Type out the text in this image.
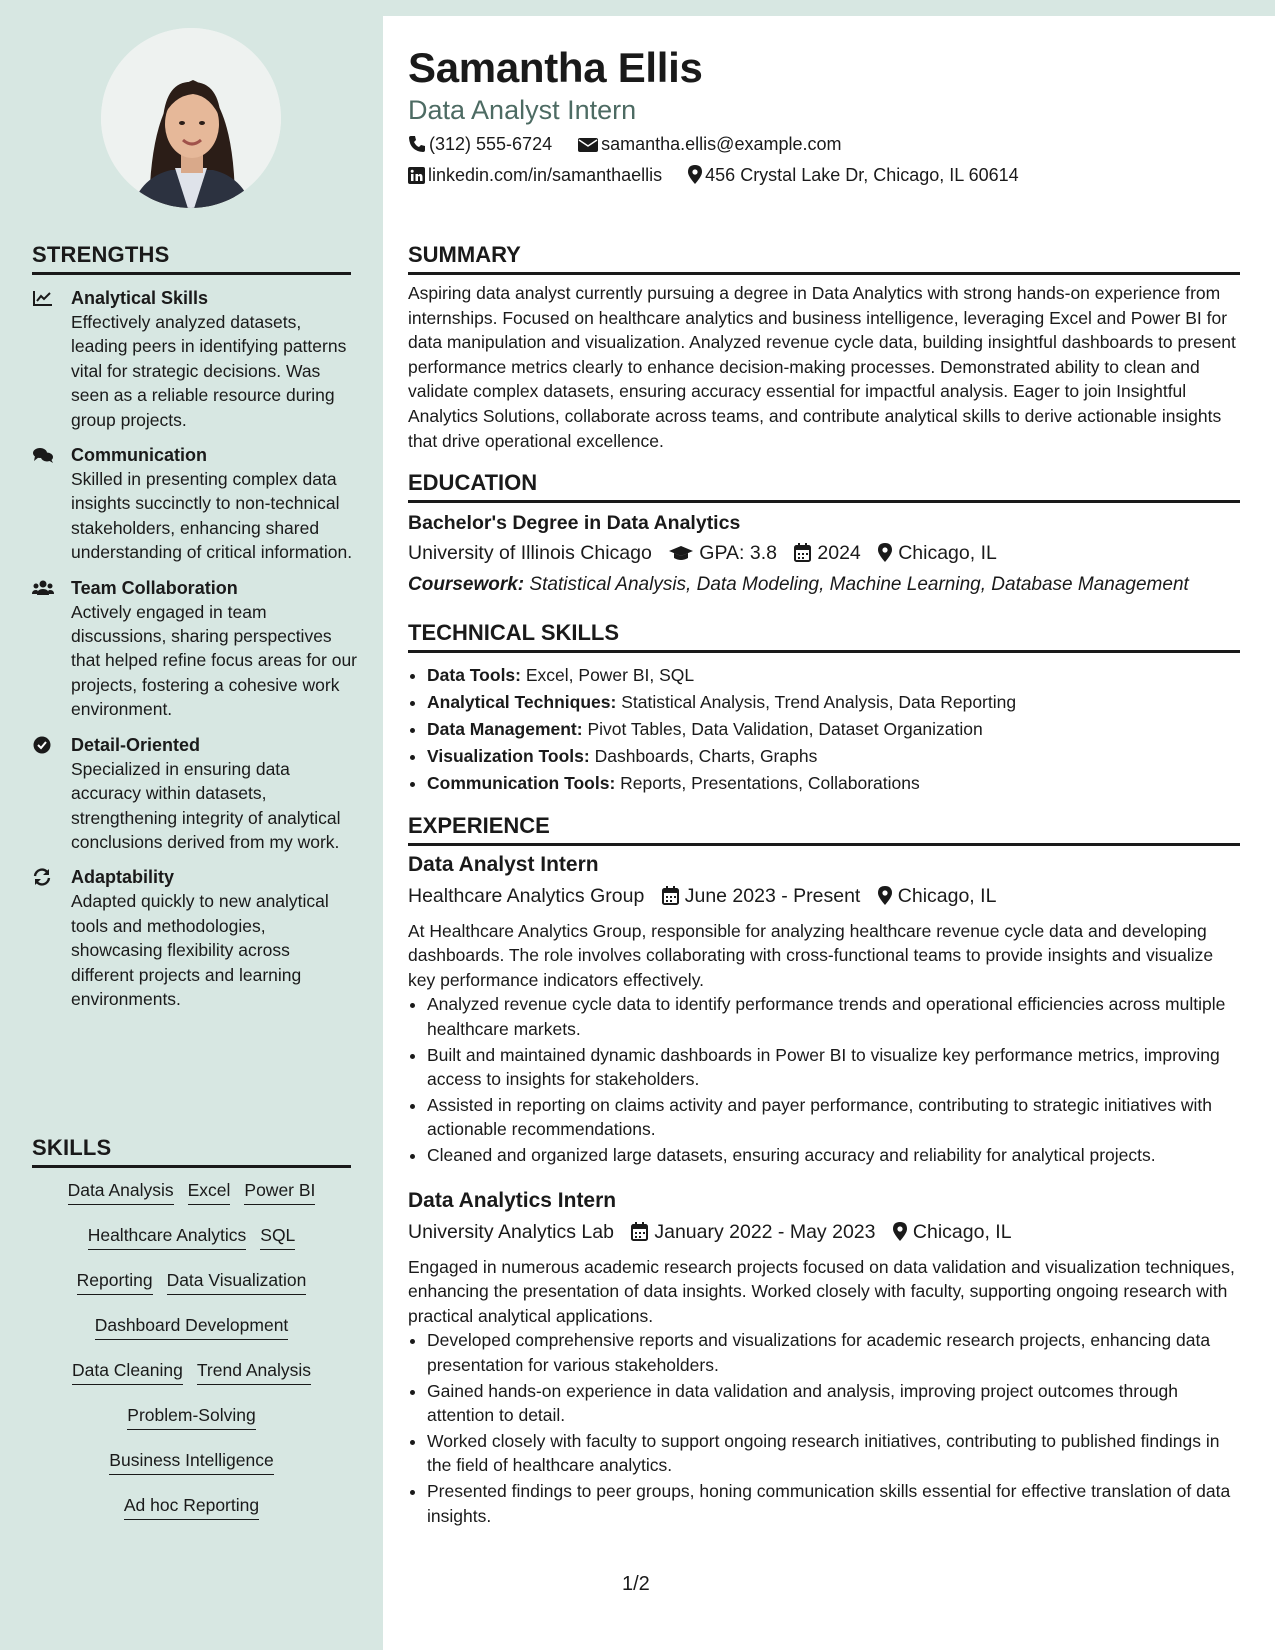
STRENGTHS
Analytical Skills
Effectively analyzed datasets, leading peers in identifying patterns vital for strategic decisions. Was seen as a reliable resource during group projects.
Communication
Skilled in presenting complex data insights succinctly to non-technical stakeholders, enhancing shared understanding of critical information.
Team Collaboration
Actively engaged in team discussions, sharing perspectives that helped refine focus areas for our projects, fostering a cohesive work environment.
Detail-Oriented
Specialized in ensuring data accuracy within datasets, strengthening integrity of analytical conclusions derived from my work.
Adaptability
Adapted quickly to new analytical tools and methodologies, showcasing flexibility across different projects and learning environments.
SKILLS
Data Analysis Excel Power BI
Healthcare Analytics SQL
Reporting Data Visualization
Dashboard Development
Data Cleaning Trend Analysis
Problem-Solving
Business Intelligence
Ad hoc Reporting
Samantha Ellis
Data Analyst Intern
(312) 555-6724	samantha.ellis@example.com
linkedin.com/in/samanthaellis 456 Crystal Lake Dr, Chicago, IL 60614
SUMMARY
Aspiring data analyst currently pursuing a degree in Data Analytics with strong hands-on experience from internships. Focused on healthcare analytics and business intelligence, leveraging Excel and Power BI for data manipulation and visualization. Analyzed revenue cycle data, building insightful dashboards to present performance metrics clearly to enhance decision-making processes. Demonstrated ability to clean and validate complex datasets, ensuring accuracy essential for impactful analysis. Eager to join Insightful Analytics Solutions, collaborate across teams, and contribute analytical skills to derive actionable insights that drive operational excellence.
EDUCATION
Bachelor's Degree in Data Analytics
University of Illinois Chicago GPA: 3.8 2024 Chicago, IL
Coursework: Statistical Analysis, Data Modeling, Machine Learning, Database Management
TECHNICAL SKILLS
• Data Tools: Excel, Power BI, SQL
• Analytical Techniques: Statistical Analysis, Trend Analysis, Data Reporting
• Data Management: Pivot Tables, Data Validation, Dataset Organization
• Visualization Tools: Dashboards, Charts, Graphs
• Communication Tools: Reports, Presentations, Collaborations
EXPERIENCE
Data Analyst Intern
Healthcare Analytics Group June 2023 - Present Chicago, IL
At Healthcare Analytics Group, responsible for analyzing healthcare revenue cycle data and developing dashboards. The role involves collaborating with cross-functional teams to provide insights and visualize key performance indicators effectively.
• Analyzed revenue cycle data to identify performance trends and operational efficiencies across multiple healthcare markets.
• Built and maintained dynamic dashboards in Power BI to visualize key performance metrics, improving access to insights for stakeholders.
• Assisted in reporting on claims activity and payer performance, contributing to strategic initiatives with actionable recommendations.
• Cleaned and organized large datasets, ensuring accuracy and reliability for analytical projects.
Data Analytics Intern
University Analytics Lab January 2022 - May 2023 Chicago, IL
Engaged in numerous academic research projects focused on data validation and visualization techniques, enhancing the presentation of data insights. Worked closely with faculty, supporting ongoing research with practical analytical applications.
• Developed comprehensive reports and visualizations for academic research projects, enhancing data presentation for various stakeholders.
• Gained hands-on experience in data validation and analysis, improving project outcomes through attention to detail.
• Worked closely with faculty to support ongoing research initiatives, contributing to published findings in the field of healthcare analytics.
• Presented findings to peer groups, honing communication skills essential for effective translation of data insights.
1/2
